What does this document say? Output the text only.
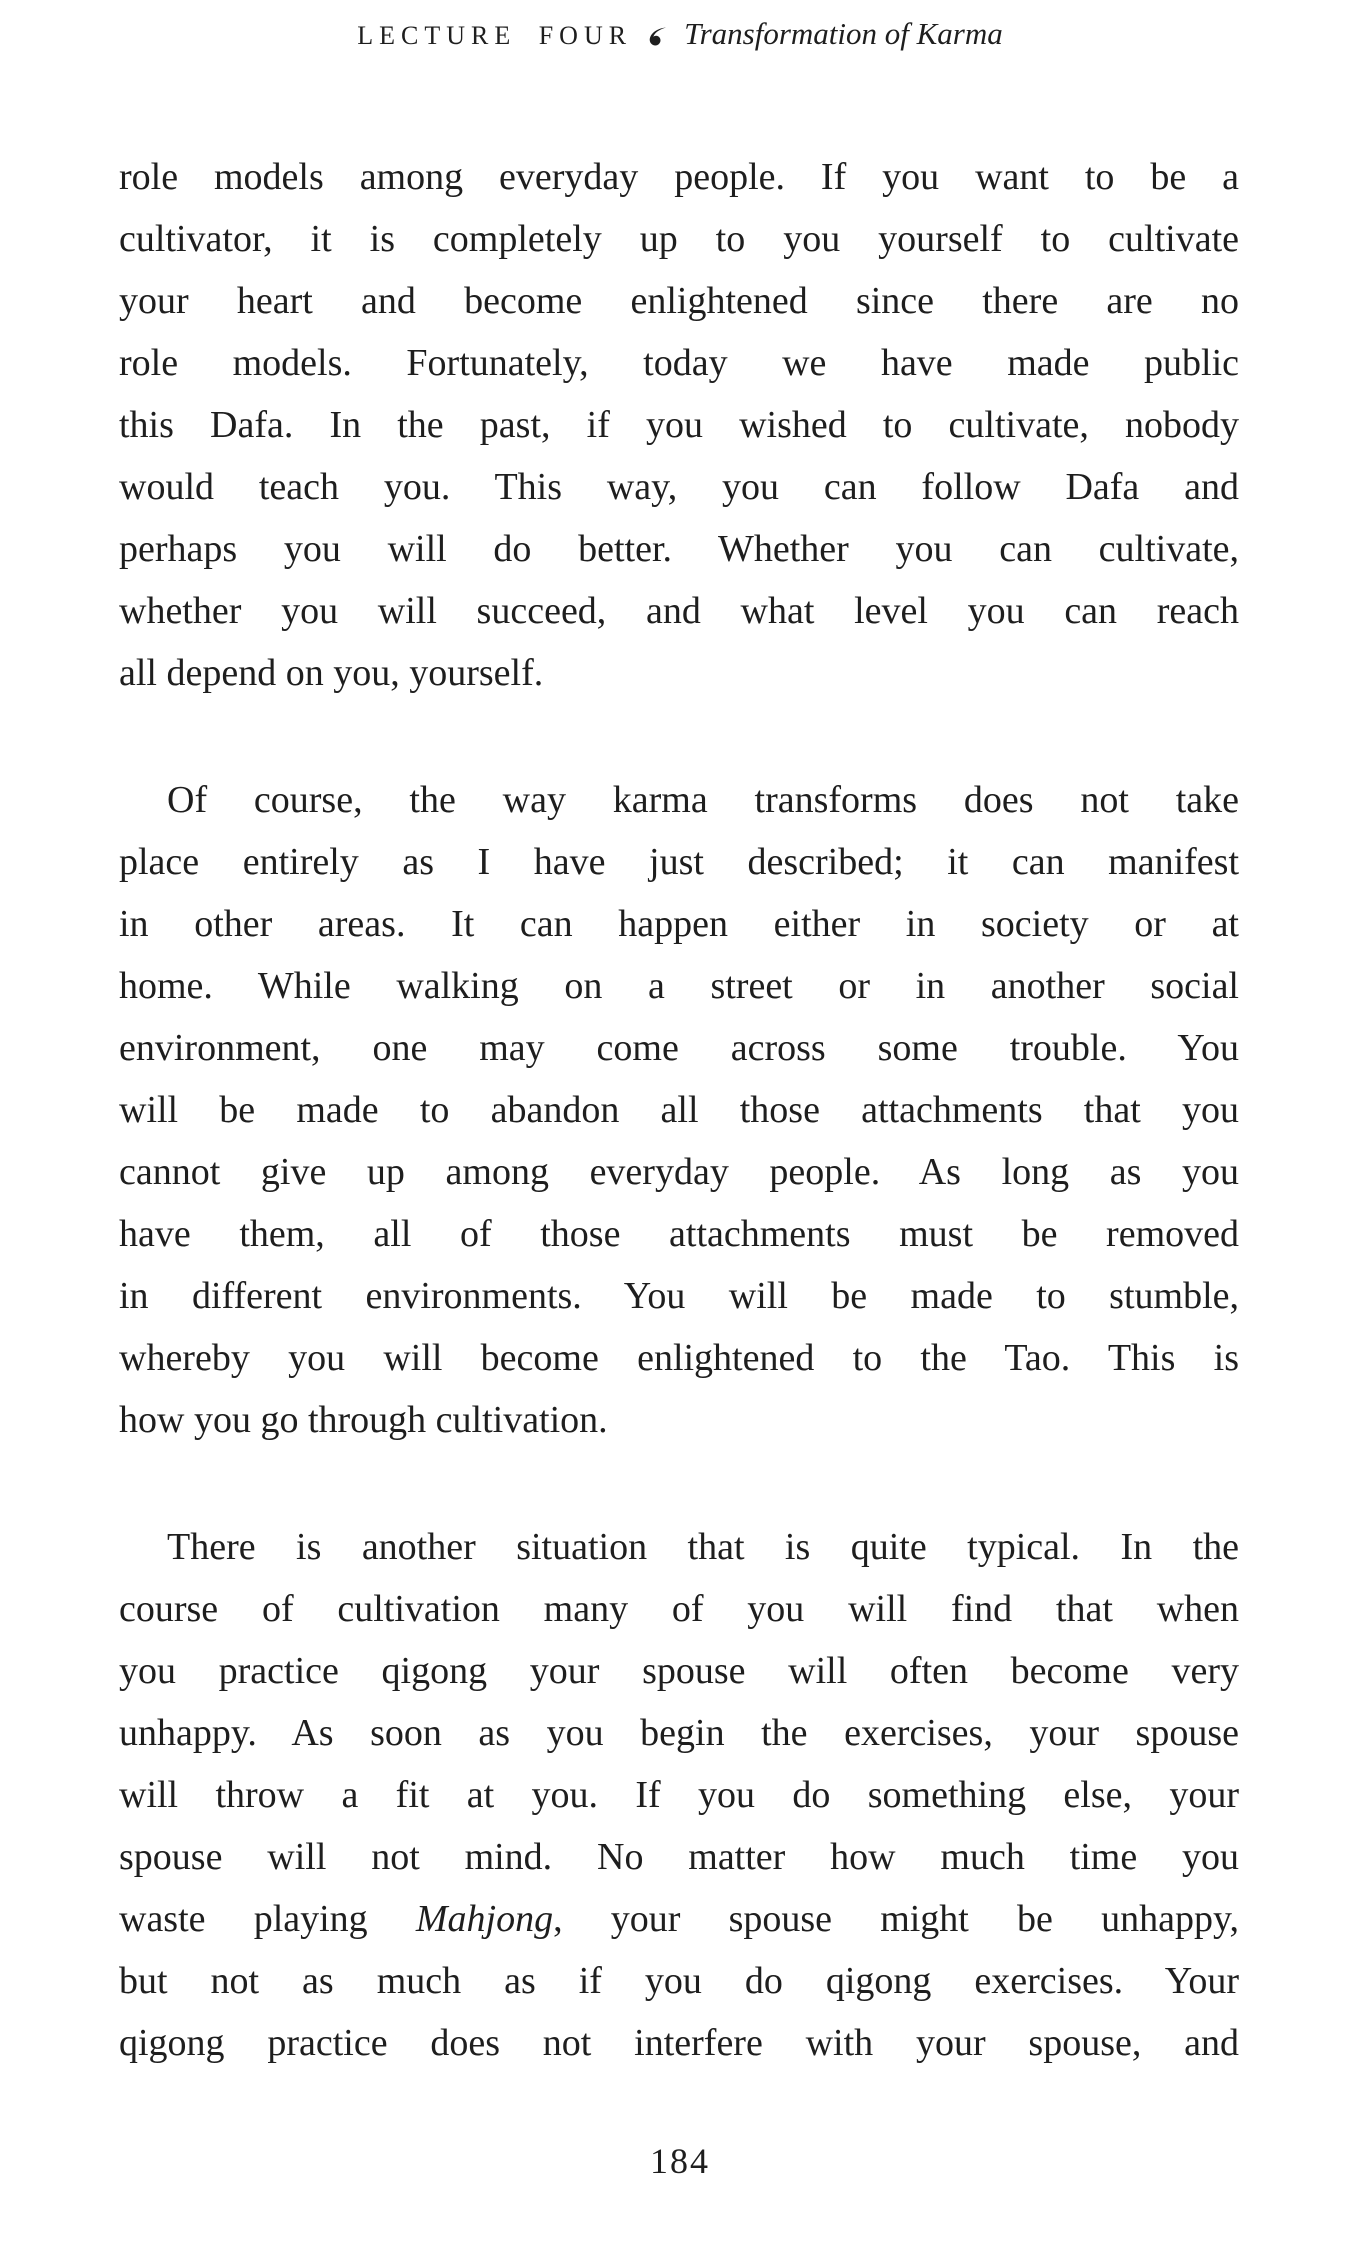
LECTURE FOUR Transformation of Karma

role models among everyday people. If you want to be a
cultivator, it is completely up to you yourself to cultivate
your heart and become enlightened since there are no
role models. Fortunately, today we have made public
this Dafa. In the past, if you wished to cultivate, nobody
would teach you. This way, you can follow Dafa and
perhaps you will do better. Whether you can cultivate,
whether you will succeed, and what level you can reach
all depend on you, yourself.

Of course, the way karma transforms does not take
place entirely as I have just described; it can manifest
in other areas. It can happen either in society or at
home. While walking on a street or in another social
environment, one may come across some trouble. You
will be made to abandon all those attachments that you
cannot give up among everyday people. As long as you
have them, all of those attachments must be removed
in different environments. You will be made to stumble,
whereby you will become enlightened to the Tao. This is
how you go through cultivation.

There is another situation that is quite typical. In the
course of cultivation many of you will find that when
you practice qigong your spouse will often become very
unhappy. As soon as you begin the exercises, your spouse
will throw a fit at you. If you do something else, your
spouse will not mind. No matter how much time you
waste playing Mahjong, your spouse might be unhappy,
but not as much as if you do qigong exercises. Your
qigong practice does not interfere with your spouse, and

184
